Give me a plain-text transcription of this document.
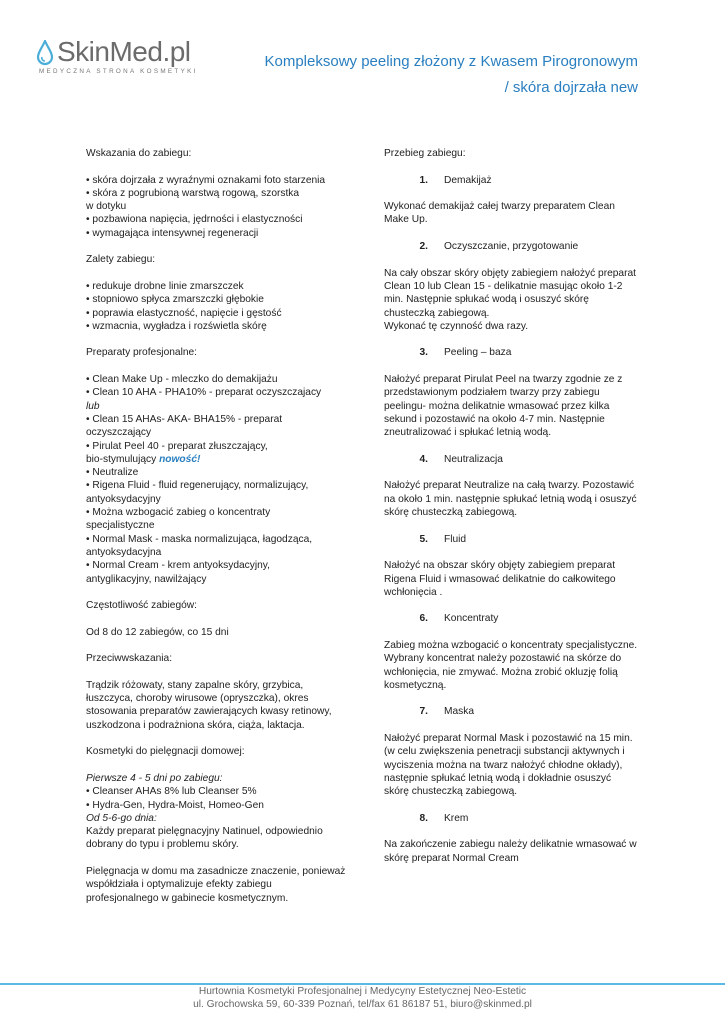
SkinMed.pl
MEDYCZNA STRONA KOSMETYKI
Kompleksowy peeling złożony z Kwasem Pirogronowym
/ skóra dojrzała new
Wskazania do zabiegu:
• skóra dojrzała z wyraźnymi oznakami foto starzenia
• skóra z pogrubioną warstwą rogową, szorstka
w dotyku
• pozbawiona napięcia, jędrności i elastyczności
• wymagająca intensywnej regeneracji
Zalety zabiegu:
• redukuje drobne linie zmarszczek
• stopniowo spłyca zmarszczki głębokie
• poprawia elastyczność, napięcie i gęstość
• wzmacnia, wygładza i rozświetla skórę
Preparaty profesjonalne:
• Clean Make Up - mleczko do demakijażu
• Clean 10 AHA - PHA10% - preparat oczyszczajacy
lub
• Clean 15 AHAs- AKA- BHA15% - preparat
oczyszczający
• Pirulat Peel 40 - preparat złuszczający,
bio-stymulujący nowość!
• Neutralize
• Rigena Fluid - fluid regenerujący, normalizujący,
antyoksydacyjny
• Można wzbogacić zabieg o koncentraty
specjalistyczne
• Normal Mask - maska normalizująca, łagodząca,
antyoksydacyjna
• Normal Cream - krem antyoksydacyjny,
antyglikacyjny, nawilżający
Częstotliwość zabiegów:
Od 8 do 12 zabiegów, co 15 dni
Przeciwwskazania:
Trądzik różowaty, stany zapalne skóry, grzybica,
łuszczyca, choroby wirusowe (opryszczka), okres
stosowania preparatów zawierających kwasy retinowy,
uszkodzona i podrażniona skóra, ciąża, laktacja.
Kosmetyki do pielęgnacji domowej:
Pierwsze 4 - 5 dni po zabiegu:
• Cleanser AHAs 8% lub Cleanser 5%
• Hydra-Gen, Hydra-Moist, Homeo-Gen
Od 5-6-go dnia:
Każdy preparat pielęgnacyjny Natinuel, odpowiednio
dobrany do typu i problemu skóry.
Pielęgnacja w domu ma zasadnicze znaczenie, ponieważ
współdziała i optymalizuje efekty zabiegu
profesjonalnego w gabinecie kosmetycznym.
Przebieg zabiegu:
1.	Demakijaż
Wykonać demakijaż całej twarzy preparatem Clean
Make Up.
2.	Oczyszczanie, przygotowanie
Na cały obszar skóry objęty zabiegiem nałożyć preparat
Clean 10 lub Clean 15 - delikatnie masując około 1-2
min. Następnie spłukać wodą i osuszyć skórę
chusteczką zabiegową.
Wykonać tę czynność dwa razy.
3.	Peeling – baza
Nałożyć preparat Pirulat Peel na twarzy zgodnie ze z
przedstawionym podziałem twarzy przy zabiegu
peelingu- można delikatnie wmasować przez kilka
sekund i pozostawić na około 4-7 min. Następnie
zneutralizować i spłukać letnią wodą.
4.	Neutralizacja
Nałożyć preparat Neutralize na całą twarzy. Pozostawić
na około 1 min. następnie spłukać letnią wodą i osuszyć
skórę chusteczką zabiegową.
5.	Fluid
Nałożyć na obszar skóry objęty zabiegiem preparat
Rigena Fluid i wmasować delikatnie do całkowitego
wchłonięcia .
6.	Koncentraty
Zabieg można wzbogacić o koncentraty specjalistyczne.
Wybrany koncentrat należy pozostawić na skórze do
wchłonięcia, nie zmywać. Można zrobić okluzję folią
kosmetyczną.
7.	Maska
Nałożyć preparat Normal Mask i pozostawić na 15 min.
(w celu zwiększenia penetracji substancji aktywnych i
wyciszenia można na twarz nałożyć chłodne okłady),
następnie spłukać letnią wodą i dokładnie osuszyć
skórę chusteczką zabiegową.
8.	Krem
Na zakończenie zabiegu należy delikatnie wmasować w
skórę preparat Normal Cream
Hurtownia Kosmetyki Profesjonalnej i Medycyny Estetycznej Neo-Estetic
ul. Grochowska 59, 60-339 Poznań, tel/fax 61 86187 51, biuro@skinmed.pl
